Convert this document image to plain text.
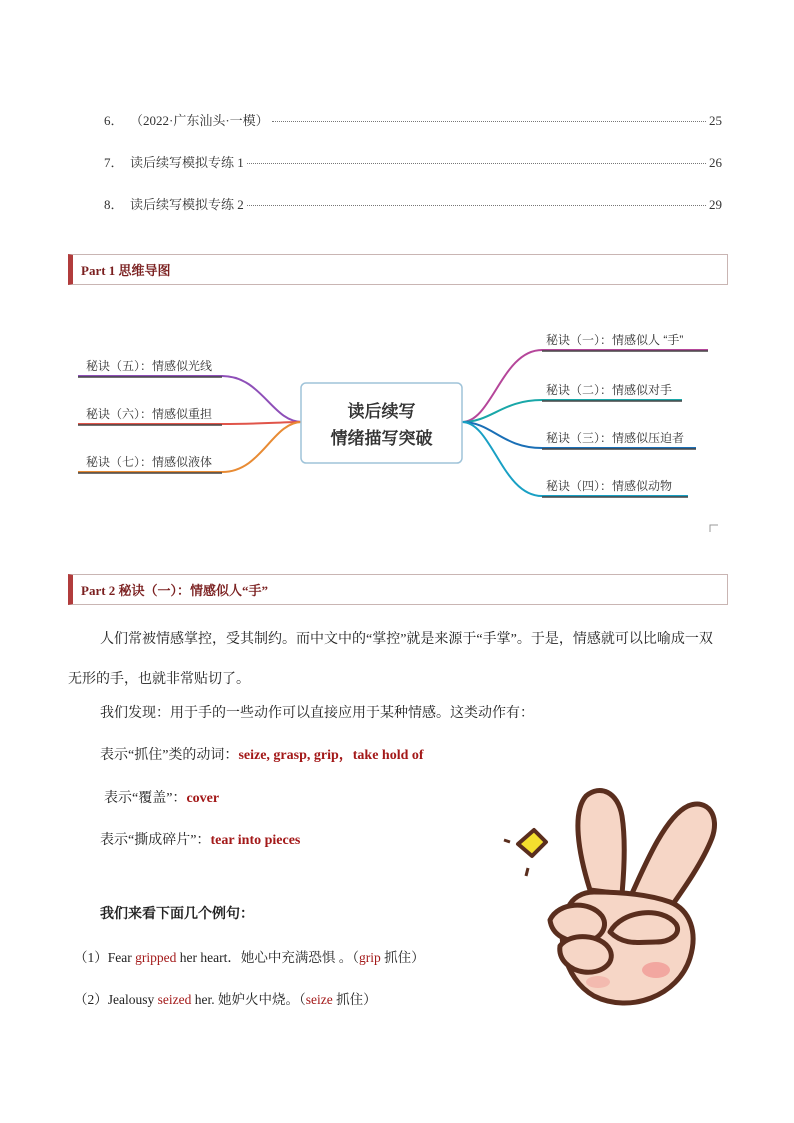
6． （2022·广东汕头·一模）	25
7． 读后续写模拟专练 1	26
8． 读后续写模拟专练 2	29
Part 1 思维导图
读后续写
情绪描写突破
秘诀（一）：情感似人 “手”
秘诀（二）：情感似对手
秘诀（三）：情感似压迫者
秘诀（四）：情感似动物
秘诀（五）：情感似光线
秘诀（六）：情感似重担
秘诀（七）：情感似液体
Part 2 秘诀（一）：情感似人“手”
人们常被情感掌控，受其制约。而中文中的“掌控”就是来源于“手掌”。于是，情感就可以比喻成一双无形的手，也就非常贴切了。
我们发现：用于手的一些动作可以直接应用于某种情感。这类动作有：
表示“抓住”类的动词：seize, grasp, grip，take hold of
表示“覆盖”：cover
表示“撕成碎片”：tear into pieces
我们来看下面几个例句：
（1）Fear gripped her heart．她心中充满恐惧 。（grip 抓住）
（2）Jealousy seized her. 她妒火中烧。（seize 抓住）
